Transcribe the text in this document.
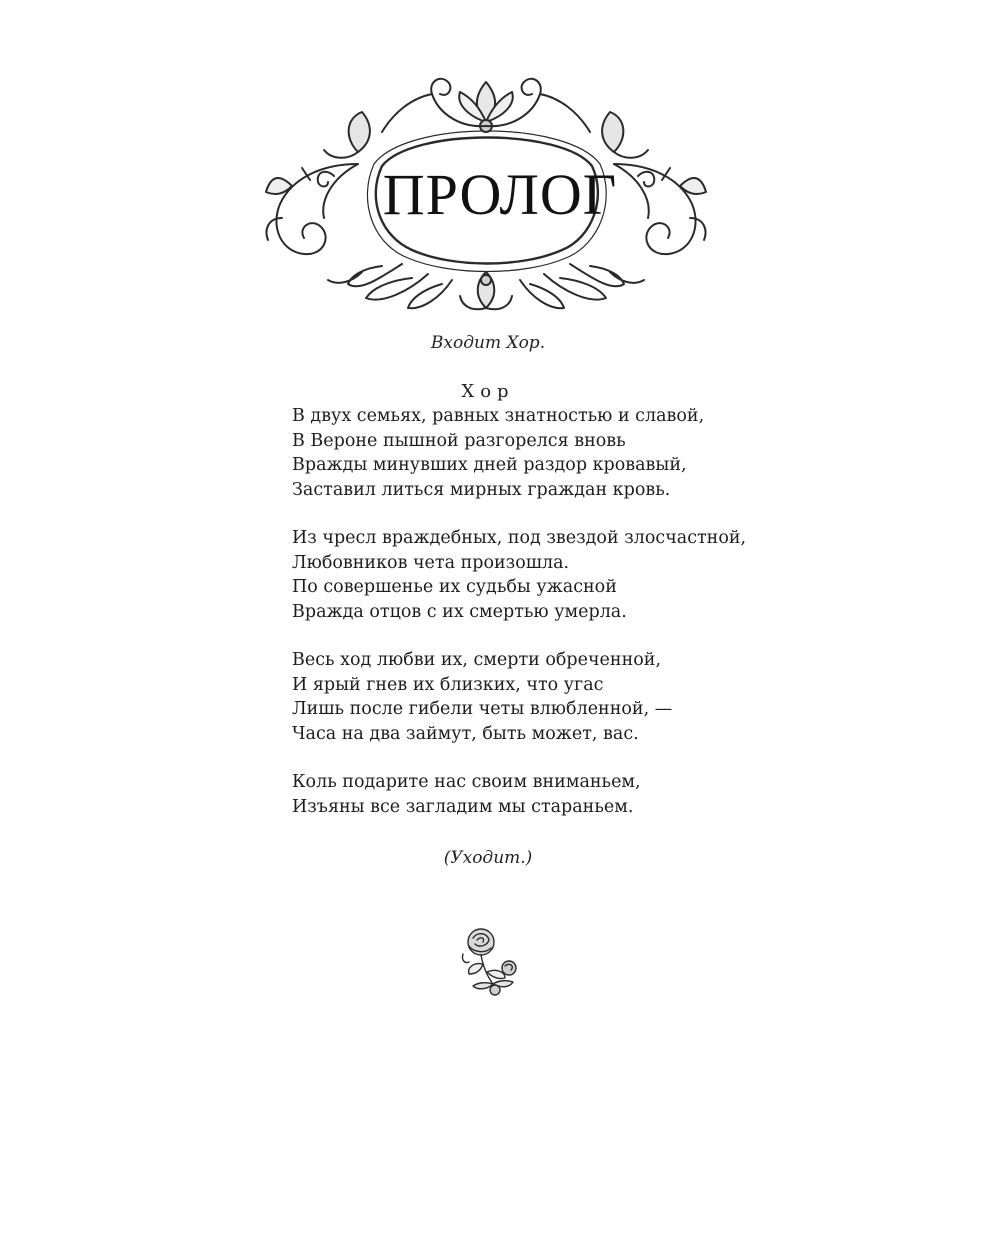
ПРОЛОГ
Входит Хор.
Хор
В двух семьях, равных знатностью и славой,
В Вероне пышной разгорелся вновь
Вражды минувших дней раздор кровавый,
Заставил литься мирных граждан кровь.
Из чресл враждебных, под звездой злосчастной,
Любовников чета произошла.
По совершенье их судьбы ужасной
Вражда отцов с их смертью умерла.
Весь ход любви их, смерти обреченной,
И ярый гнев их близких, что угас
Лишь после гибели четы влюбленной, —
Часа на два займут, быть может, вас.
Коль подарите нас своим вниманьем,
Изъяны все загладим мы стараньем.
(Уходит.)
